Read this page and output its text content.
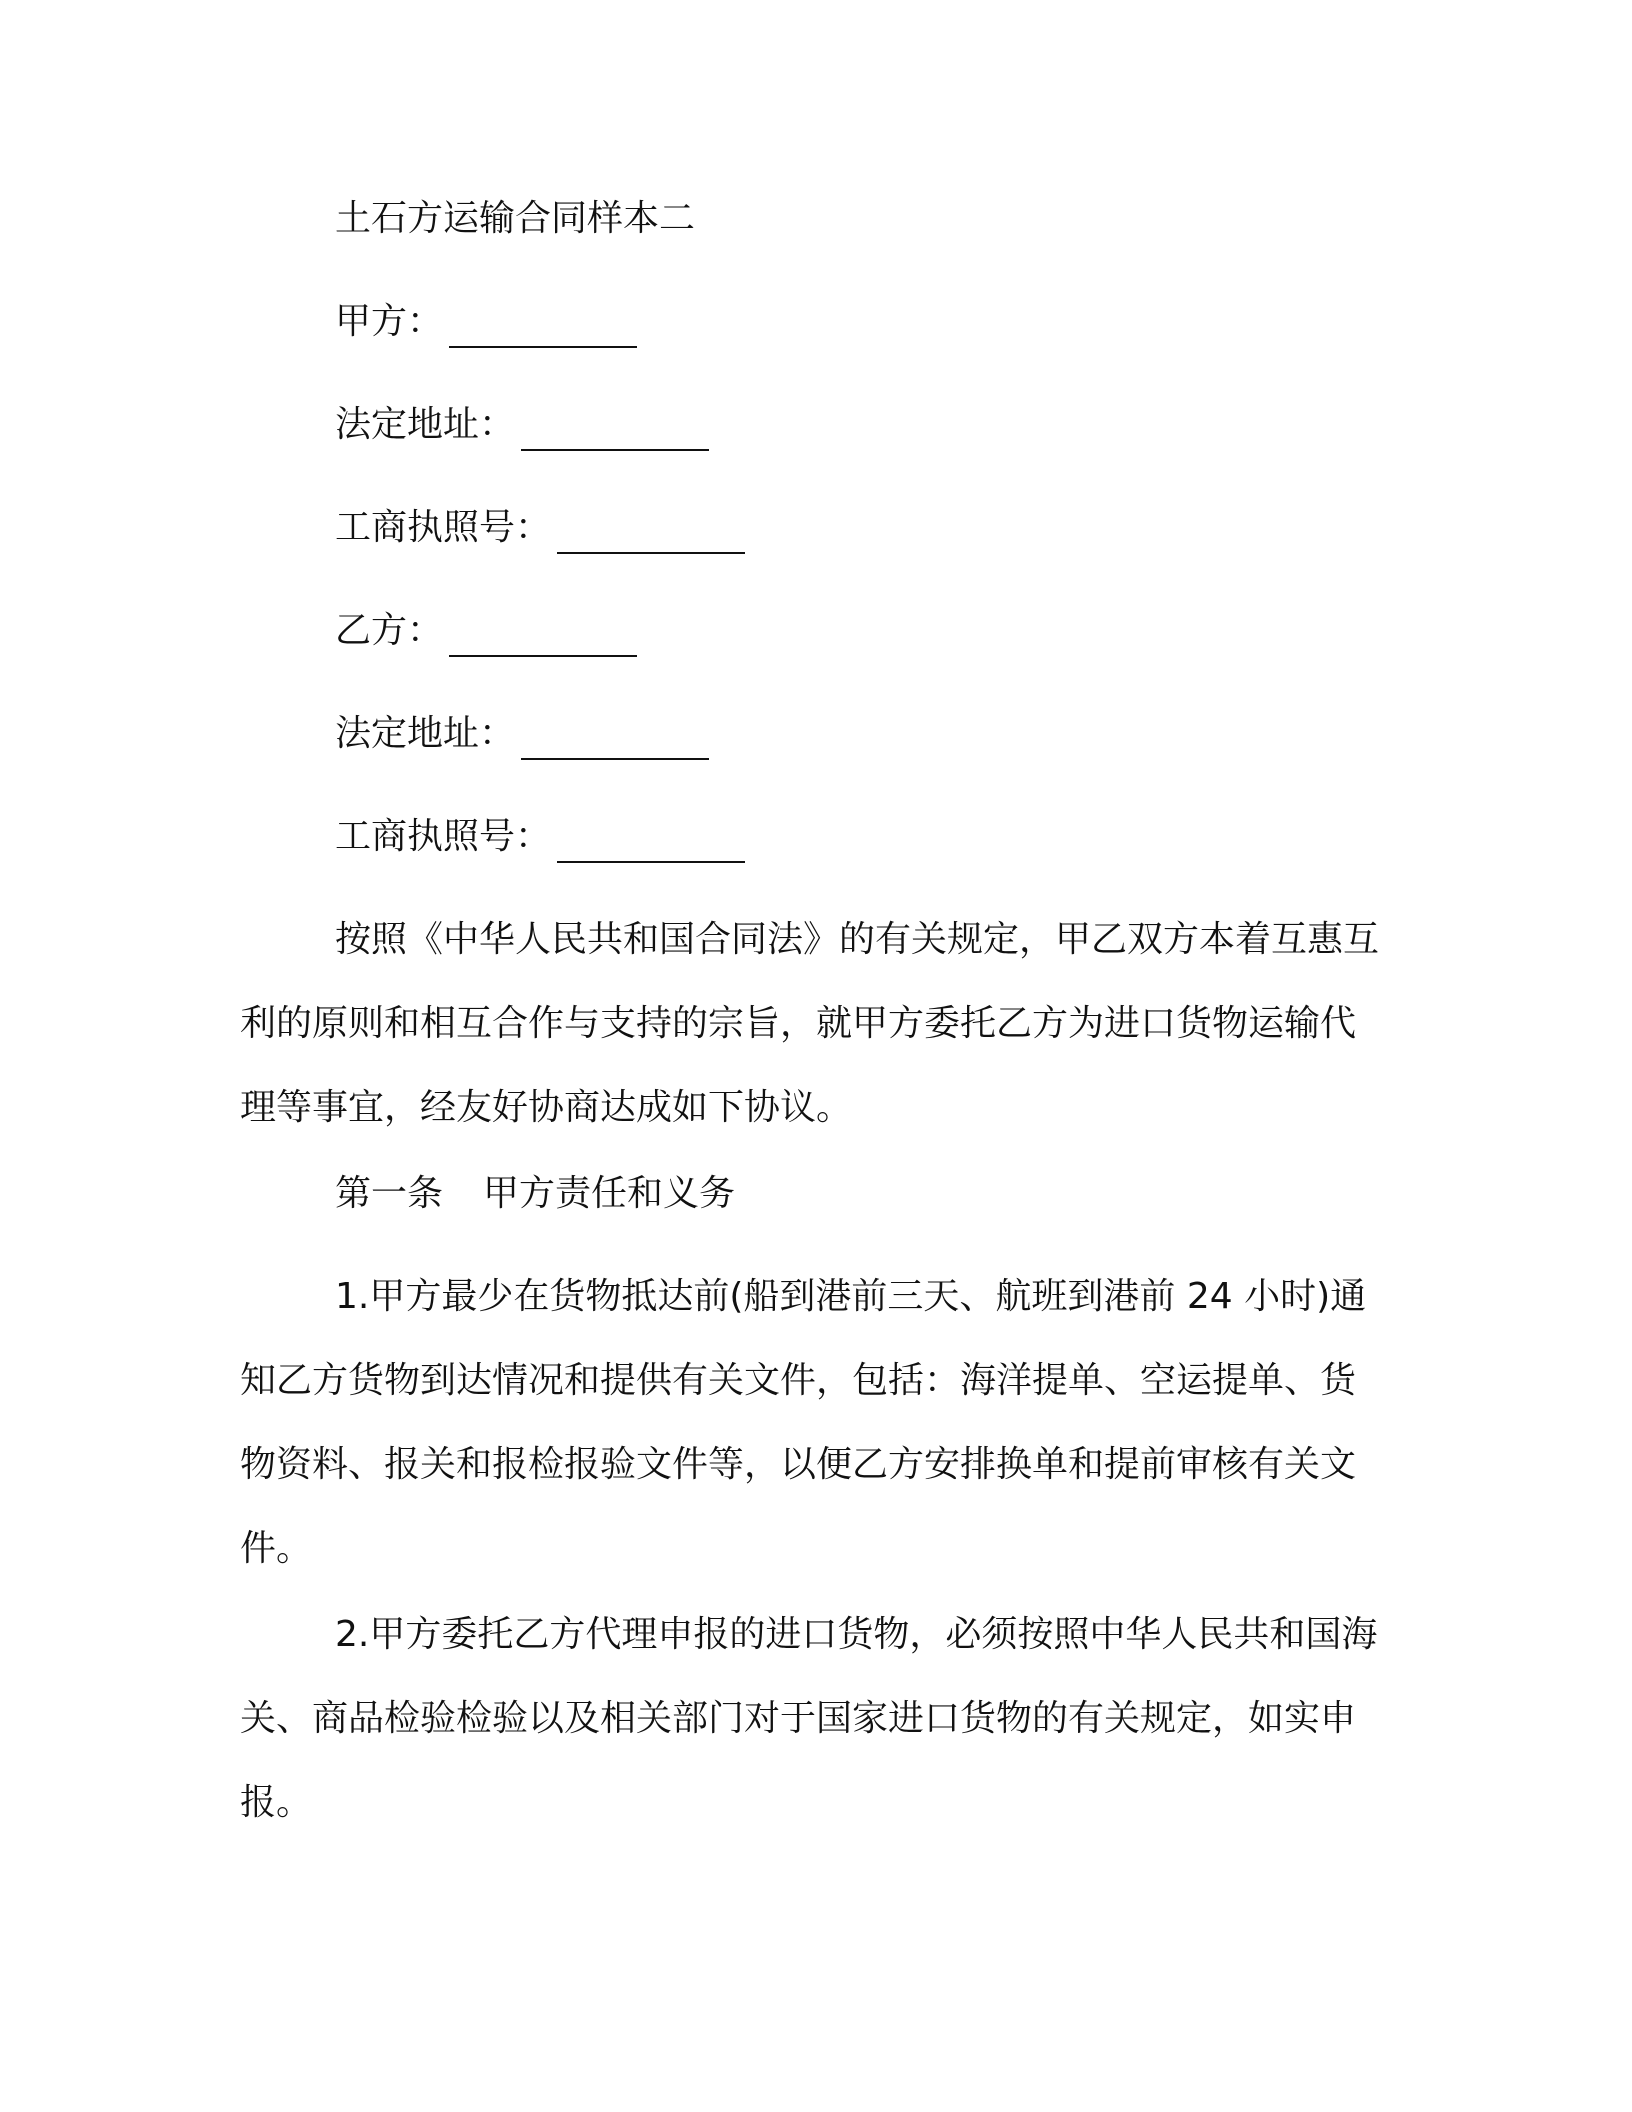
土石方运输合同样本二
甲方：
法定地址：
工商执照号：
乙方：
法定地址：
工商执照号：

按照《中华人民共和国合同法》的有关规定，甲乙双方本着互惠互利的原则和相互合作与支持的宗旨，就甲方委托乙方为进口货物运输代理等事宜，经友好协商达成如下协议。

第一条 甲方责任和义务

1.甲方最少在货物抵达前(船到港前三天、航班到港前 24 小时)通知乙方货物到达情况和提供有关文件，包括：海洋提单、空运提单、货物资料、报关和报检报验文件等，以便乙方安排换单和提前审核有关文件。

2.甲方委托乙方代理申报的进口货物，必须按照中华人民共和国海关、商品检验检验以及相关部门对于国家进口货物的有关规定，如实申报。
